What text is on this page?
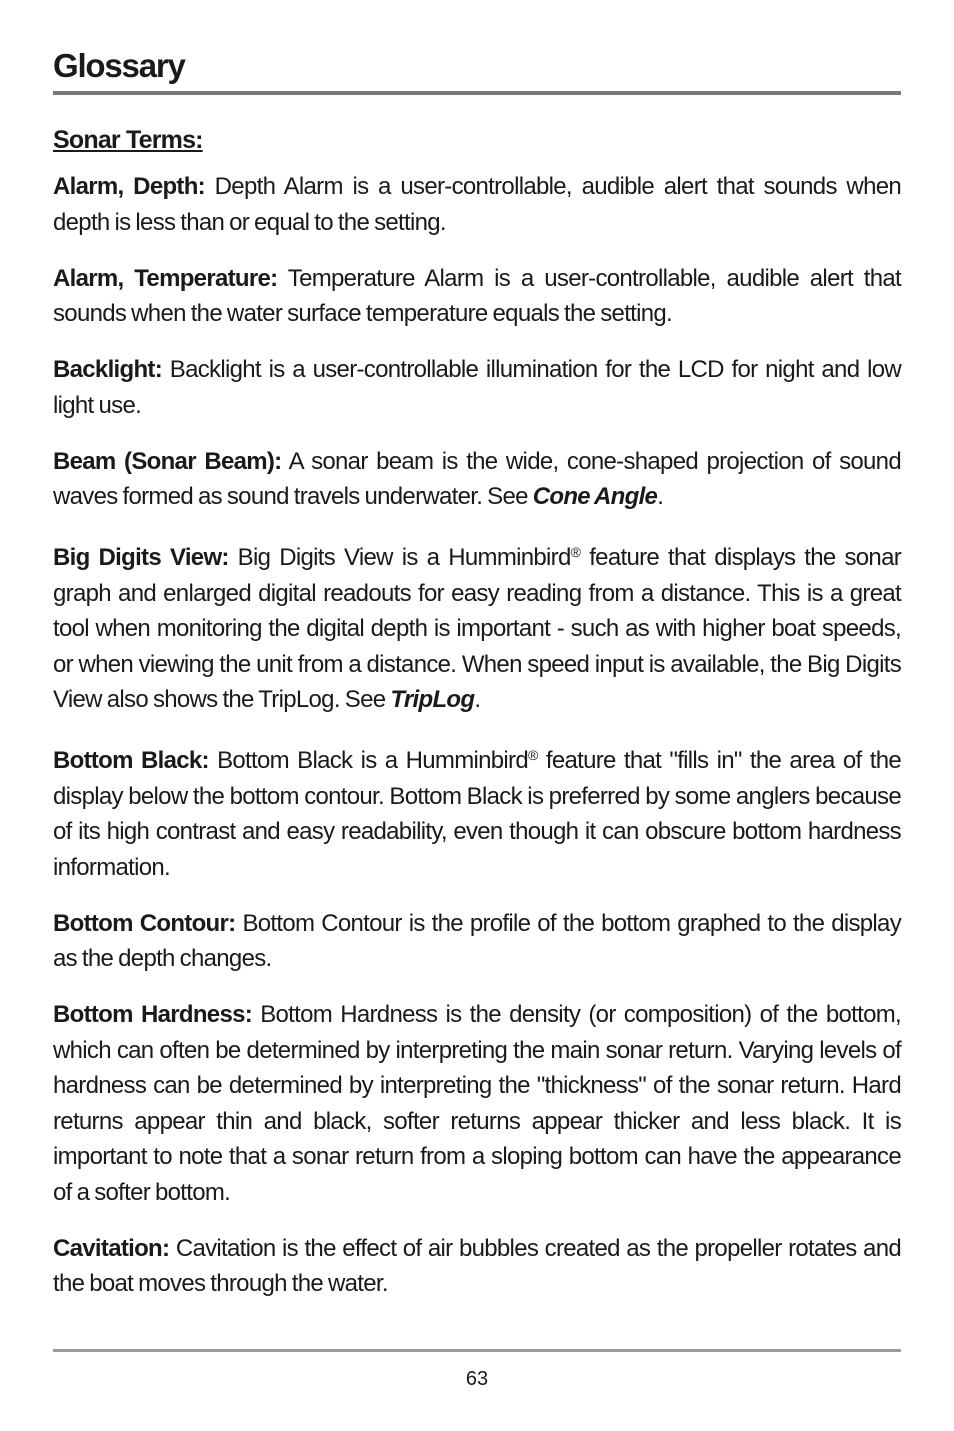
Glossary
Sonar Terms:

Alarm, Depth: Depth Alarm is a user-controllable, audible alert that sounds when depth is less than or equal to the setting.

Alarm, Temperature: Temperature Alarm is a user-controllable, audible alert that sounds when the water surface temperature equals the setting.

Backlight: Backlight is a user-controllable illumination for the LCD for night and low light use.

Beam (Sonar Beam): A sonar beam is the wide, cone-shaped projection of sound waves formed as sound travels underwater. See Cone Angle.

Big Digits View: Big Digits View is a Humminbird® feature that displays the sonar graph and enlarged digital readouts for easy reading from a distance. This is a great tool when monitoring the digital depth is important - such as with higher boat speeds, or when viewing the unit from a distance. When speed input is available, the Big Digits View also shows the TripLog. See TripLog.

Bottom Black: Bottom Black is a Humminbird® feature that "fills in" the area of the display below the bottom contour. Bottom Black is preferred by some anglers because of its high contrast and easy readability, even though it can obscure bottom hardness information.

Bottom Contour: Bottom Contour is the profile of the bottom graphed to the display as the depth changes.

Bottom Hardness: Bottom Hardness is the density (or composition) of the bottom, which can often be determined by interpreting the main sonar return. Varying levels of hardness can be determined by interpreting the "thickness" of the sonar return. Hard returns appear thin and black, softer returns appear thicker and less black. It is important to note that a sonar return from a sloping bottom can have the appearance of a softer bottom.

Cavitation: Cavitation is the effect of air bubbles created as the propeller rotates and the boat moves through the water.

63
